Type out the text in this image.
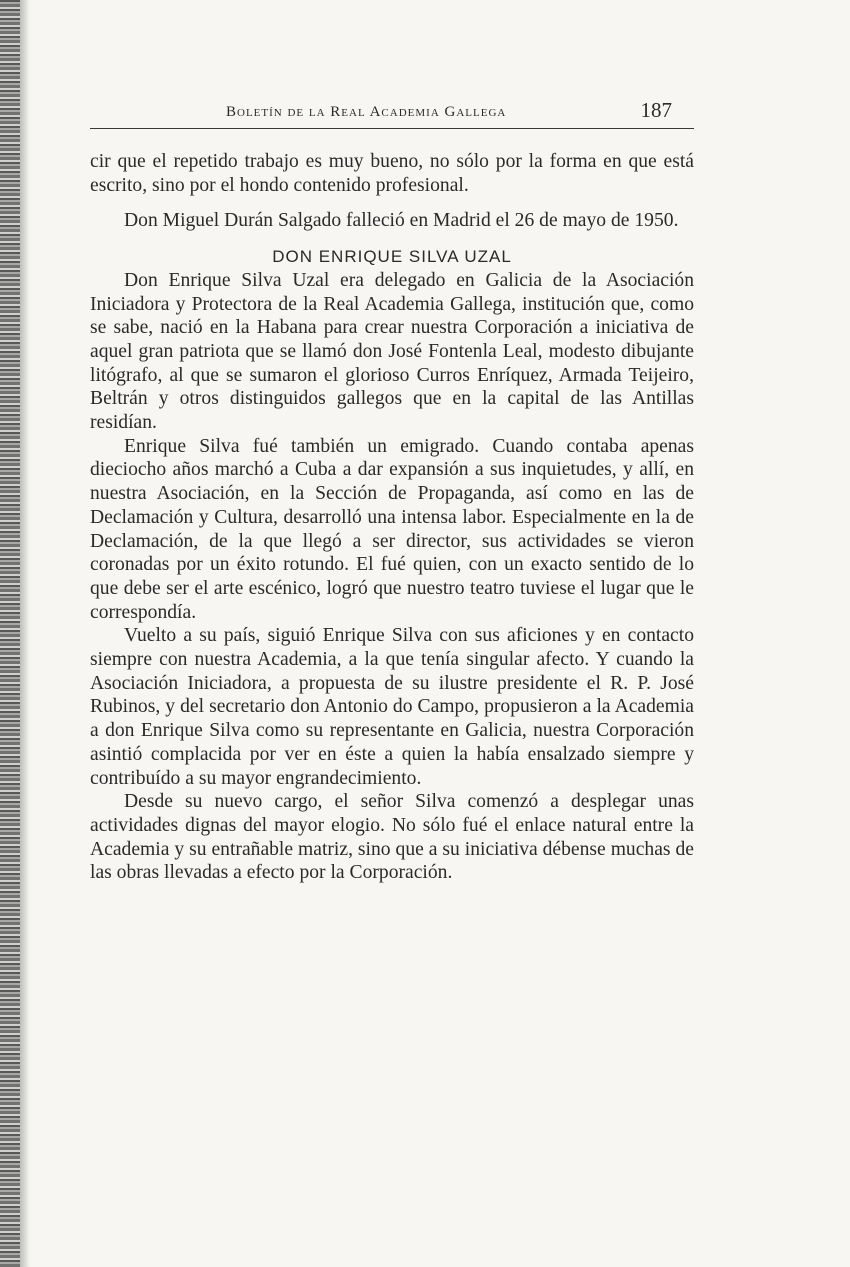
Boletín de la Real Academia Gallega	187

cir que el repetido trabajo es muy bueno, no sólo por la forma en que está escrito, sino por el hondo contenido profesional.

Don Miguel Durán Salgado falleció en Madrid el 26 de mayo de 1950.

DON ENRIQUE SILVA UZAL

Don Enrique Silva Uzal era delegado en Galicia de la Asociación Iniciadora y Protectora de la Real Academia Gallega, institución que, como se sabe, nació en la Habana para crear nuestra Corporación a iniciativa de aquel gran patriota que se llamó don José Fontenla Leal, modesto dibujante litógrafo, al que se sumaron el glorioso Curros Enríquez, Armada Teijeiro, Beltrán y otros distinguidos gallegos que en la capital de las Antillas residían.

Enrique Silva fué también un emigrado. Cuando contaba apenas dieciocho años marchó a Cuba a dar expansión a sus inquietudes, y allí, en nuestra Asociación, en la Sección de Propaganda, así como en las de Declamación y Cultura, desarrolló una intensa labor. Especialmente en la de Declamación, de la que llegó a ser director, sus actividades se vieron coronadas por un éxito rotundo. El fué quien, con un exacto sentido de lo que debe ser el arte escénico, logró que nuestro teatro tuviese el lugar que le correspondía.

Vuelto a su país, siguió Enrique Silva con sus aficiones y en contacto siempre con nuestra Academia, a la que tenía singular afecto. Y cuando la Asociación Iniciadora, a propuesta de su ilustre presidente el R. P. José Rubinos, y del secretario don Antonio do Campo, propusieron a la Academia a don Enrique Silva como su representante en Galicia, nuestra Corporación asintió complacida por ver en éste a quien la había ensalzado siempre y contribuído a su mayor engrandecimiento.

Desde su nuevo cargo, el señor Silva comenzó a desplegar unas actividades dignas del mayor elogio. No sólo fué el enlace natural entre la Academia y su entrañable matriz, sino que a su iniciativa débense muchas de las obras llevadas a efecto por la Corporación.
